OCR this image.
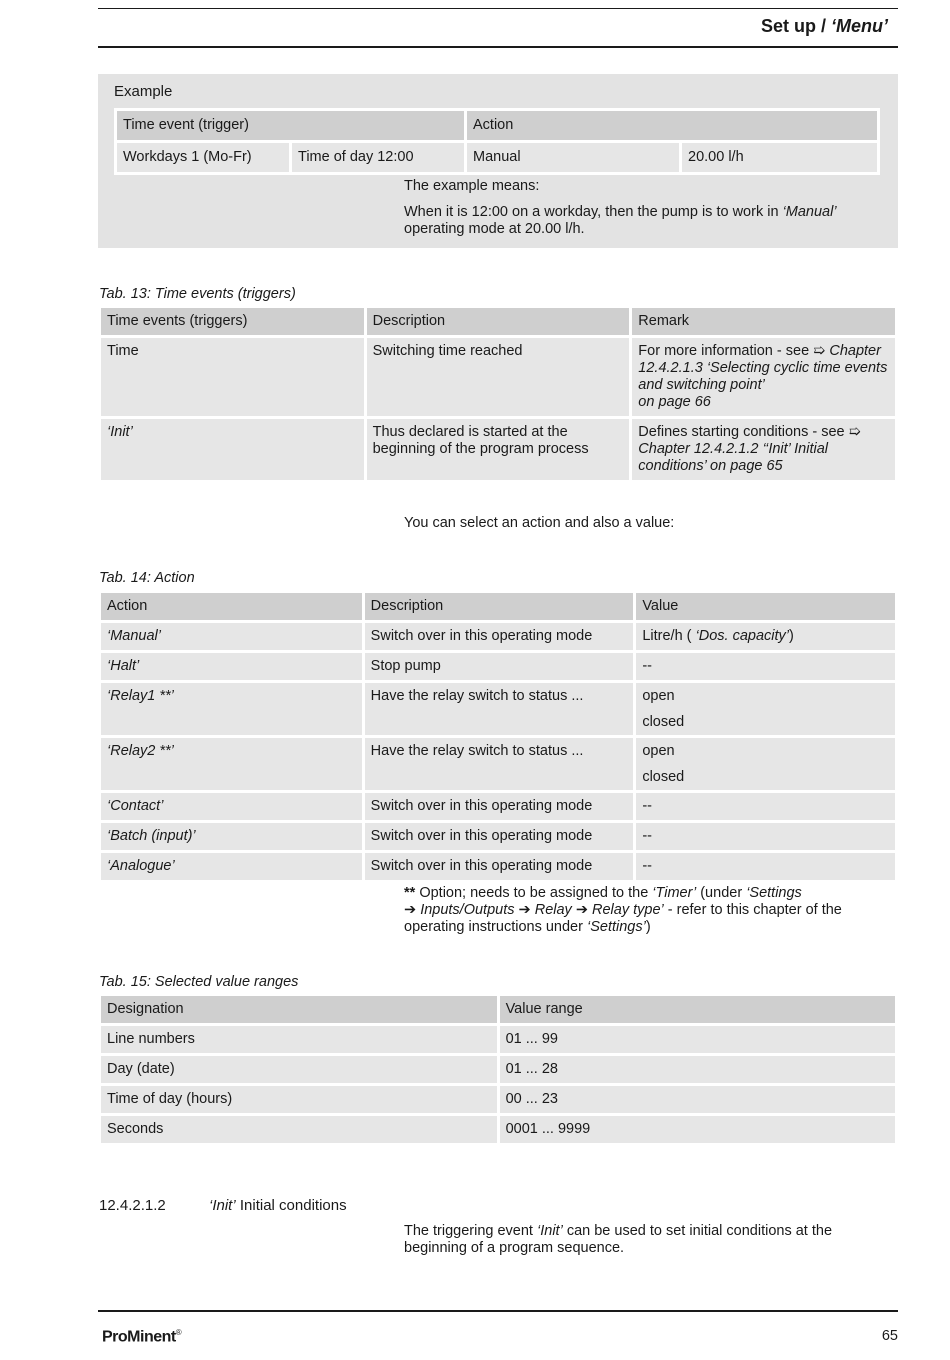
Set up / ‘Menu’
Example
Time event (trigger)	Action
Workdays 1 (Mo-Fr)	Time of day 12:00	Manual	20.00 l/h
The example means:
When it is 12:00 on a workday, then the pump is to work in ‘Manual’ operating mode at 20.00 l/h.
Tab. 13: Time events (triggers)
Time events (triggers)	Description	Remark
Time	Switching time reached	For more information - see ➯ Chapter 12.4.2.1.3 ‘Selecting cyclic time events and switching point’
on page 66
‘Init’	Thus declared is started at the beginning of the program process	Defines starting conditions - see ➯ Chapter 12.4.2.1.2 ‘‘Init’ Initial conditions’ on page 65
You can select an action and also a value:
Tab. 14: Action
Action	Description	Value
‘Manual’	Switch over in this operating mode	Litre/h ( ‘Dos. capacity’)
‘Halt’	Stop pump	--
‘Relay1 **’	Have the relay switch to status ...	open
closed

‘Relay2 **’	Have the relay switch to status ...	open
closed

‘Contact’	Switch over in this operating mode	--
‘Batch (input)’	Switch over in this operating mode	--
‘Analogue’	Switch over in this operating mode	--
** Option; needs to be assigned to the ‘Timer’ (under ‘Settings
➔ Inputs/Outputs ➔ Relay ➔ Relay type’ - refer to this chapter of the operating instructions under ‘Settings’)
Tab. 15: Selected value ranges
Designation	Value range
Line numbers	01 ... 99
Day (date)	01 ... 28
Time of day (hours)	00 ... 23
Seconds	0001 ... 9999
12.4.2.1.2	‘Init’ Initial conditions
The triggering event ‘Init’ can be used to set initial conditions at the beginning of a program sequence.
ProMinent®	65
